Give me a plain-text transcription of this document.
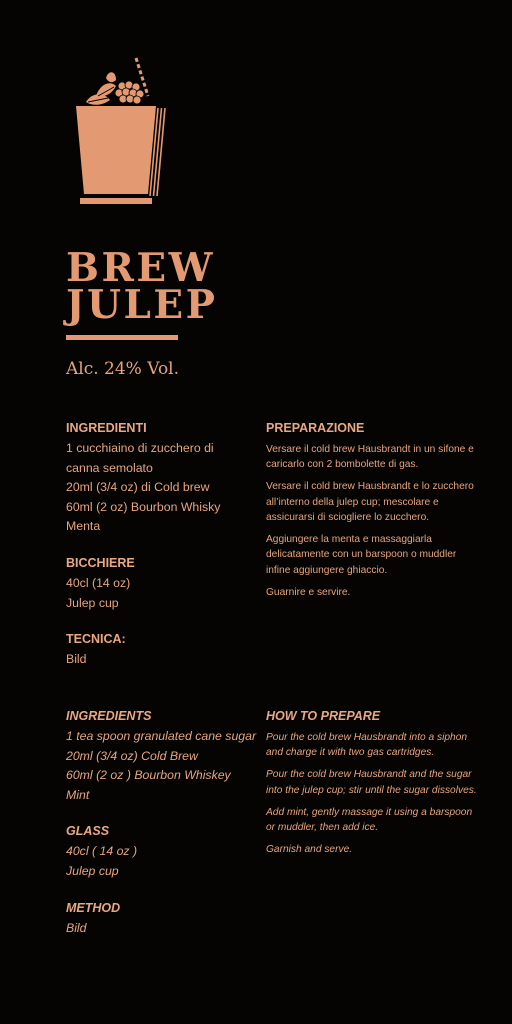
BREW
JULEP
Alc. 24% Vol.

INGREDIENTI

1 cucchiaino di zucchero di

canna semolato

20ml (3/4 oz) di Cold brew

60ml (2 oz) Bourbon Whisky

Menta

BICCHIERE

40cl (14 oz)

Julep cup

TECNICA:

Bild

PREPARAZIONE

Versare il cold brew Hausbrandt in un sifone e caricarlo con 2 bombolette di gas.

Versare il cold brew Hausbrandt e lo zucchero all’interno della julep cup; mescolare e assicurarsi di sciogliere lo zucchero.

Aggiungere la menta e massaggiarla delicatamente con un barspoon o muddler infine aggiungere ghiaccio.

Guarnire e servire.

INGREDIENTS

1 tea spoon granulated cane sugar

20ml (3/4 oz) Cold Brew

60ml (2 oz ) Bourbon Whiskey

Mint

GLASS

40cl ( 14 oz )

Julep cup

METHOD

Bild

HOW TO PREPARE

Pour the cold brew Hausbrandt into a siphon and charge it with two gas cartridges.

Pour the cold brew Hausbrandt and the sugar into the julep cup; stir until the sugar dissolves.

Add mint, gently massage it using a barspoon or muddler, then add ice.

Garnish and serve.
